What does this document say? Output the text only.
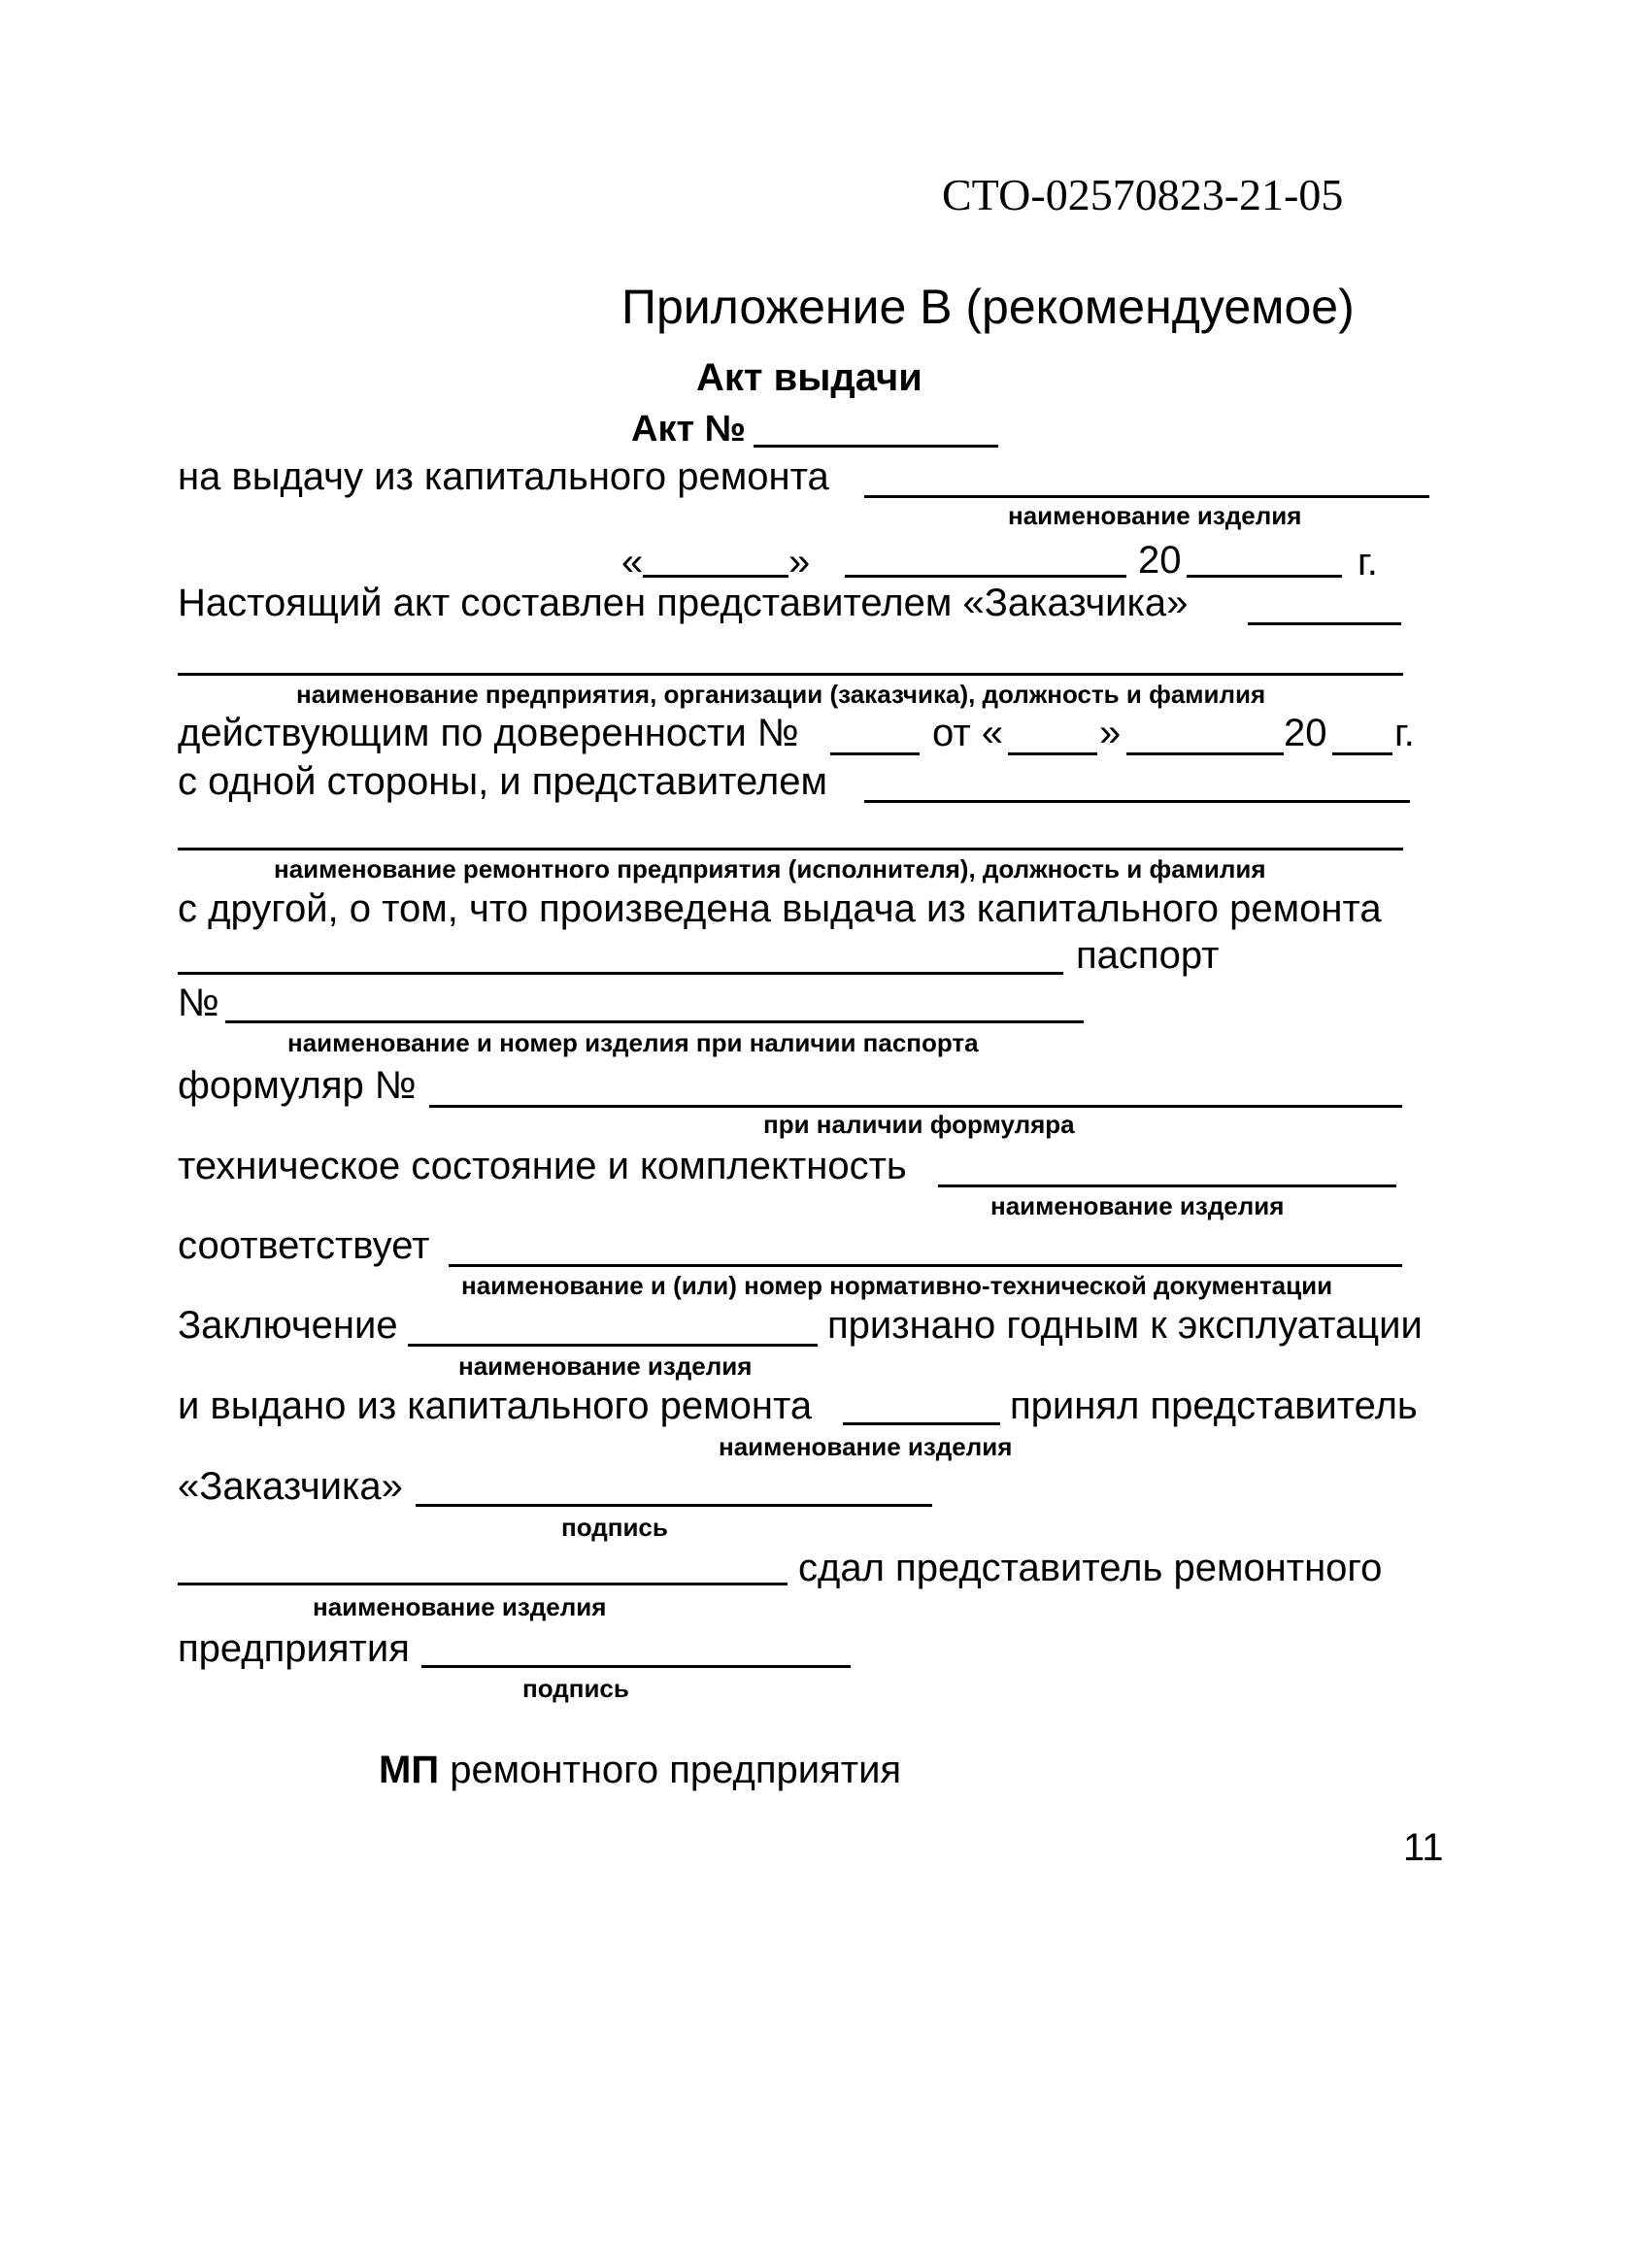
СТО-02570823-21-05
Приложение В (рекомендуемое)
Акт выдачи
Акт №
на выдачу из капитального ремонта
наименование изделия
«	»	20	г.
Настоящий акт составлен представителем «Заказчика»
наименование предприятия, организации (заказчика), должность и фамилия
действующим по доверенности №	от « »	20 г.
с одной стороны, и представителем
наименование ремонтного предприятия (исполнителя), должность и фамилия
с другой, о том, что произведена выдача из капитального ремонта
паспорт
№
наименование и номер изделия при наличии паспорта
формуляр №
при наличии формуляра
техническое состояние и комплектность
наименование изделия
соответствует
наименование и (или) номер нормативно-технической документации
Заключение	признано годным к эксплуатации
наименование изделия
и выдано из капитального ремонта	принял представитель
наименование изделия
«Заказчика»
подпись
сдал представитель ремонтного
наименование изделия
предприятия
подпись
МП ремонтного предприятия
11
